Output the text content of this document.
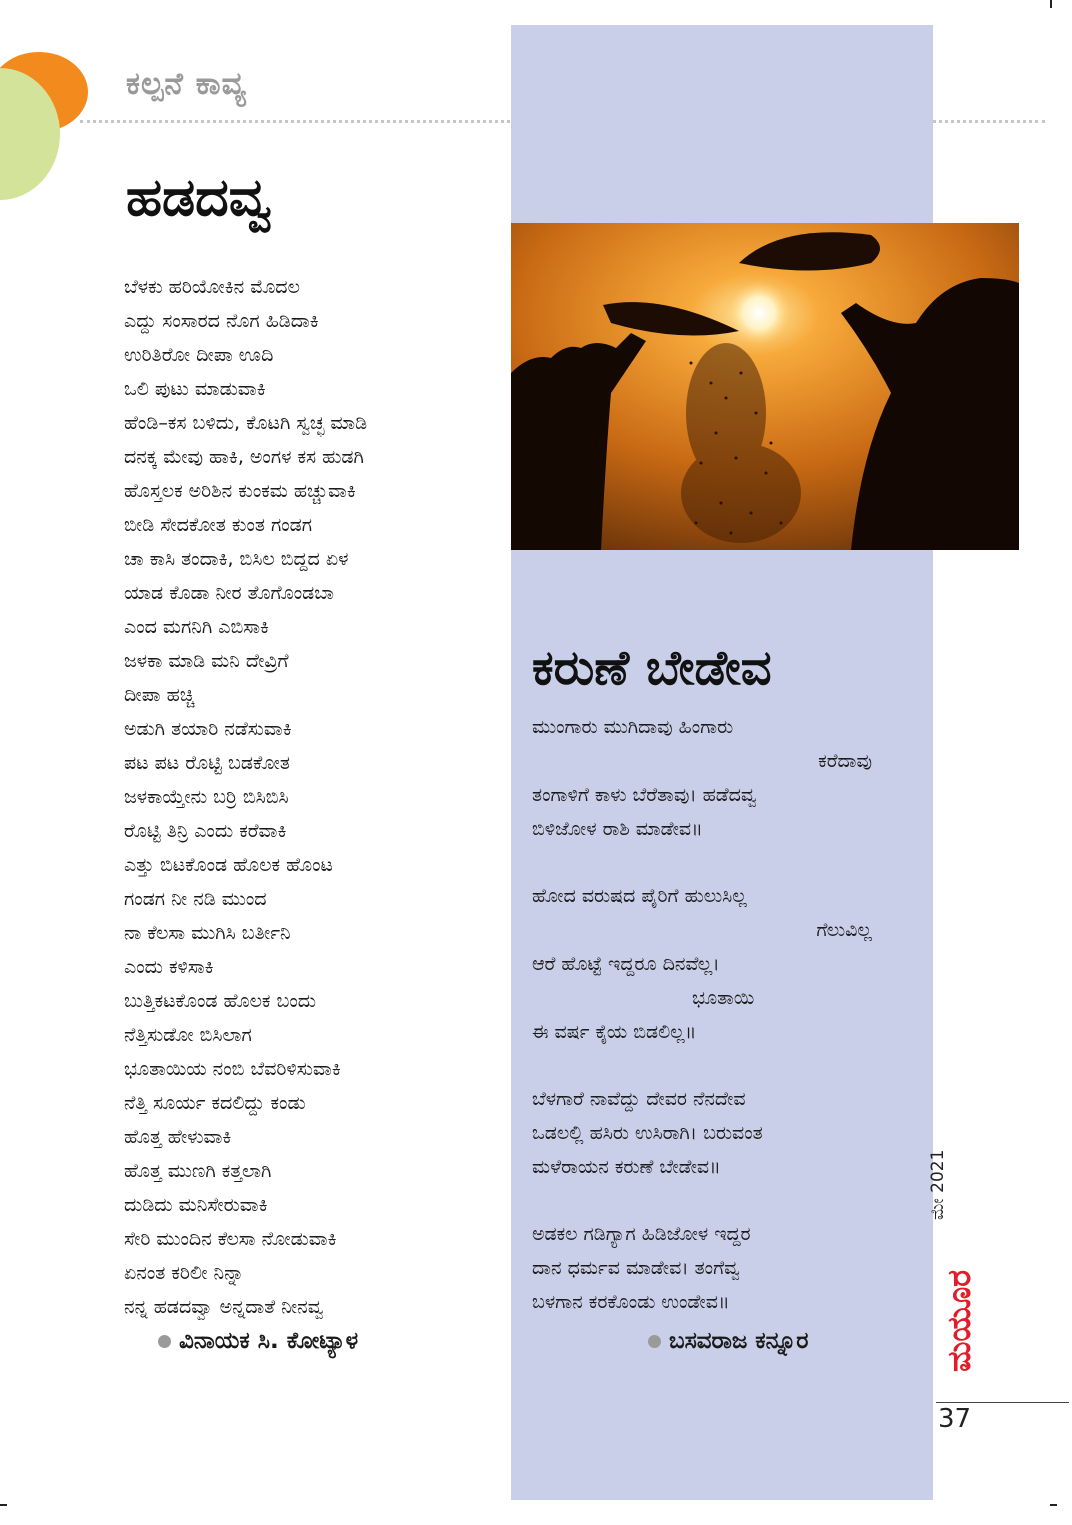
ಕಲ್ಪನೆ ಕಾವ್ಯ
ಹಡದವ್ವ
ಬೆಳಕು ಹರಿಯೋಕಿನ ಮೊದಲ
ಎದ್ದು ಸಂಸಾರದ ನೊಗ ಹಿಡಿದಾಕಿ
ಉರಿತಿರೋ ದೀಪಾ ಊದಿ
ಒಲಿ ಪುಟು ಮಾಡುವಾಕಿ
ಹೆಂಡಿ–ಕಸ ಬಳಿದು, ಕೊಟಗಿ ಸ್ವಚ್ಛ ಮಾಡಿ
ದನಕ್ಕ ಮೇವು ಹಾಕಿ, ಅಂಗಳ ಕಸ ಹುಡಗಿ
ಹೊಸ್ತಲಕ ಅರಿಶಿನ ಕುಂಕಮ ಹಚ್ಚುವಾಕಿ
ಬೀಡಿ ಸೇದಕೋತ ಕುಂತ ಗಂಡಗ
ಚಾ ಕಾಸಿ ತಂದಾಕಿ, ಬಿಸಿಲ ಬಿದ್ದದ ಏಳ
ಯಾಡ ಕೊಡಾ ನೀರ ತೊಗೊಂಡಬಾ
ಎಂದ ಮಗನಿಗಿ ಎಬಿಸಾಕಿ
ಜಳಕಾ ಮಾಡಿ ಮನಿ ದೇವ್ರಿಗೆ
ದೀಪಾ ಹಚ್ಚಿ
ಅಡುಗಿ ತಯಾರಿ ನಡೆಸುವಾಕಿ
ಪಟ ಪಟ ರೊಟ್ಟಿ ಬಡಕೋತ
ಜಳಕಾಯ್ತೇನು ಬರ್ರಿ ಬಿಸಿಬಿಸಿ
ರೊಟ್ಟಿ ತಿನ್ರಿ ಎಂದು ಕರೆವಾಕಿ
ಎತ್ತು ಬಿಟಕೊಂಡ ಹೊಲಕ ಹೊಂಟ
ಗಂಡಗ ನೀ ನಡಿ ಮುಂದ
ನಾ ಕೆಲಸಾ ಮುಗಿಸಿ ಬರ್ತೀನಿ
ಎಂದು ಕಳಿಸಾಕಿ
ಬುತ್ತಿಕಟಕೊಂಡ ಹೊಲಕ ಬಂದು
ನೆತ್ತಿಸುಡೋ ಬಿಸಿಲಾಗ
ಭೂತಾಯಿಯ ನಂಬಿ ಬೆವರಿಳಿಸುವಾಕಿ
ನೆತ್ತಿ ಸೂರ್ಯ ಕದಲಿದ್ದು ಕಂಡು
ಹೊತ್ತ ಹೇಳುವಾಕಿ
ಹೊತ್ತ ಮುಣಗಿ ಕತ್ತಲಾಗಿ
ದುಡಿದು ಮನಿಸೇರುವಾಕಿ
ಸೇರಿ ಮುಂದಿನ ಕೆಲಸಾ ನೋಡುವಾಕಿ
ಏನಂತ ಕರಿಲೀ ನಿನ್ನಾ
ನನ್ನ ಹಡದವ್ವಾ ಅನ್ನದಾತೆ ನೀನವ್ವ
ವಿನಾಯಕ ಸಿ. ಕೋಟ್ಯಾಳ
ಕರುಣೆ ಬೇಡೇವ
ಮುಂಗಾರು ಮುಗಿದಾವು ಹಿಂಗಾರು
ಕರೆದಾವು
ತಂಗಾಳಿಗೆ ಕಾಳು ಬೆರೆತಾವು। ಹಡೆದವ್ವ
ಬಿಳಿಜೋಳ ರಾಶಿ ಮಾಡೇವ॥
ಹೋದ ವರುಷದ ಪೈರಿಗೆ ಹುಲುಸಿಲ್ಲ
ಗೆಲುವಿಲ್ಲ
ಆರೆ ಹೊಟ್ಟೆ ಇದ್ದರೂ ದಿನವೆಲ್ಲ।
ಭೂತಾಯಿ
ಈ ವರ್ಷ ಕೈಯ ಬಿಡಲಿಲ್ಲ॥
ಬೆಳಗಾರೆ ನಾವೆದ್ದು ದೇವರ ನೆನದೇವ
ಒಡಲಲ್ಲಿ ಹಸಿರು ಉಸಿರಾಗಿ। ಬರುವಂತ
ಮಳೆರಾಯನ ಕರುಣೆ ಬೇಡೇವ॥
ಅಡಕಲ ಗಡಿಗ್ಯಾಗ ಹಿಡಿಜೋಳ ಇದ್ದರ
ದಾನ ಧರ್ಮವ ಮಾಡೇವ। ತಂಗೆವ್ವ
ಬಳಗಾನ ಕರಕೊಂಡು ಉಂಡೇವ॥
ಬಸವರಾಜ ಕನ್ನೂರ
ಮೇ 2021
ಮಯೂರ
37
